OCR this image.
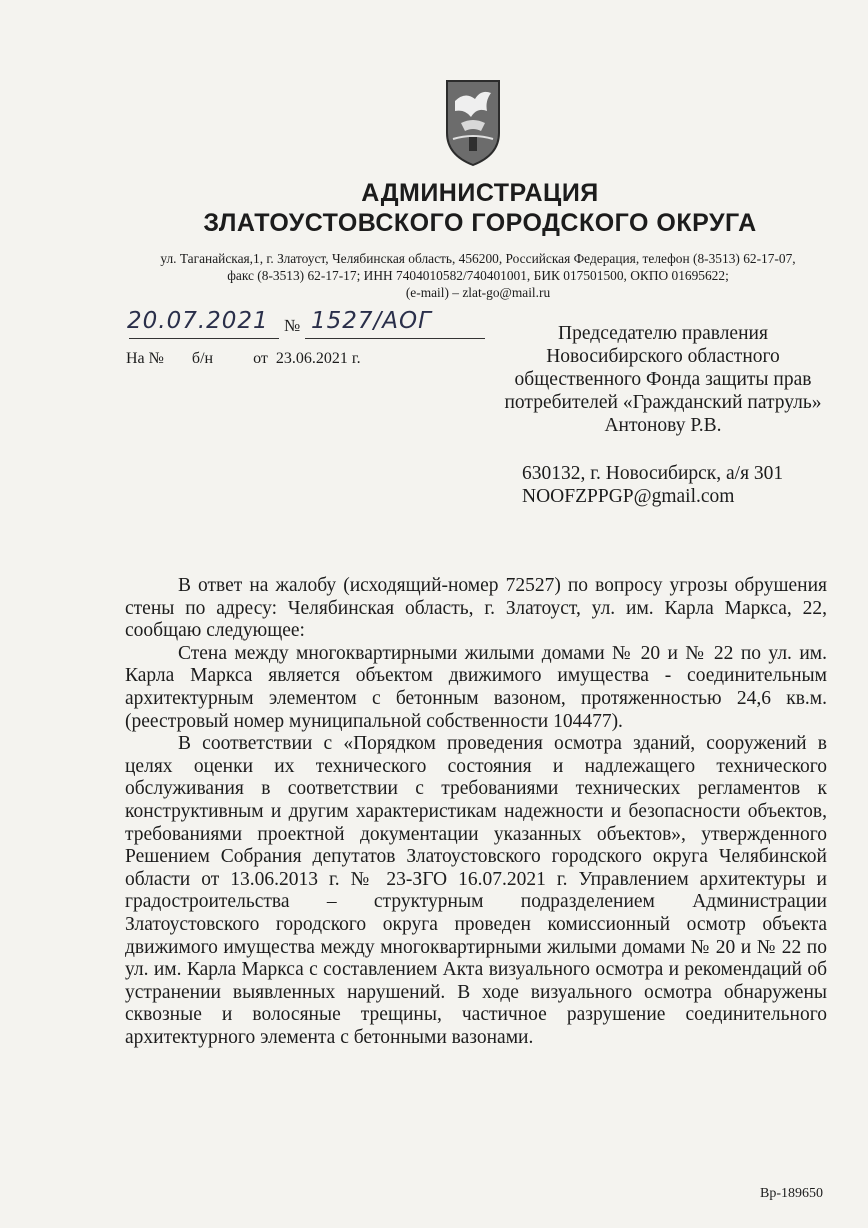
АДМИНИСТРАЦИЯ
ЗЛАТОУСТОВСКОГО ГОРОДСКОГО ОКРУГА
ул. Таганайская,1, г. Златоуст, Челябинская область, 456200, Российская Федерация, телефон (8-3513) 62-17-07,
факс (8-3513) 62-17-17; ИНН 7404010582/740401001, БИК 017501500, ОКПО 01695622;
(e-mail) – zlat-go@mail.ru
20.07.2021 № 1527/АОГ
На №       б/н          от  23.06.2021 г.
Председателю правления
Новосибирского областного
общественного Фонда защиты прав
потребителей «Гражданский патруль»
Антонову Р.В.
630132, г. Новосибирск, а/я 301
NOOFZPPGP@gmail.com

В ответ на жалобу (исходящий-номер 72527) по вопросу угрозы обрушения стены по адресу: Челябинская область, г. Златоуст, ул. им. Карла Маркса, 22, сообщаю следующее:

Стена между многоквартирными жилыми домами № 20 и № 22 по ул. им. Карла Маркса является объектом движимого имущества - соединительным архитектурным элементом с бетонным вазоном, протяженностью 24,6 кв.м. (реестровый номер муниципальной собственности 104477).

В соответствии с «Порядком проведения осмотра зданий, сооружений в целях оценки их технического состояния и надлежащего технического обслуживания в соответствии с требованиями технических регламентов к конструктивным и другим характеристикам надежности и безопасности объектов, требованиями проектной документации указанных объектов», утвержденного Решением Собрания депутатов Златоустовского городского округа Челябинской области от 13.06.2013 г. № 23-ЗГО 16.07.2021 г. Управлением архитектуры и градостроительства – структурным подразделением Администрации Златоустовского городского округа проведен комиссионный осмотр объекта движимого имущества между многоквартирными жилыми домами № 20 и № 22 по ул. им. Карла Маркса с составлением Акта визуального осмотра и рекомендаций об устранении выявленных нарушений. В ходе визуального осмотра обнаружены сквозные и волосяные трещины, частичное разрушение соединительного архитектурного элемента с бетонными вазонами.

Вр-189650
